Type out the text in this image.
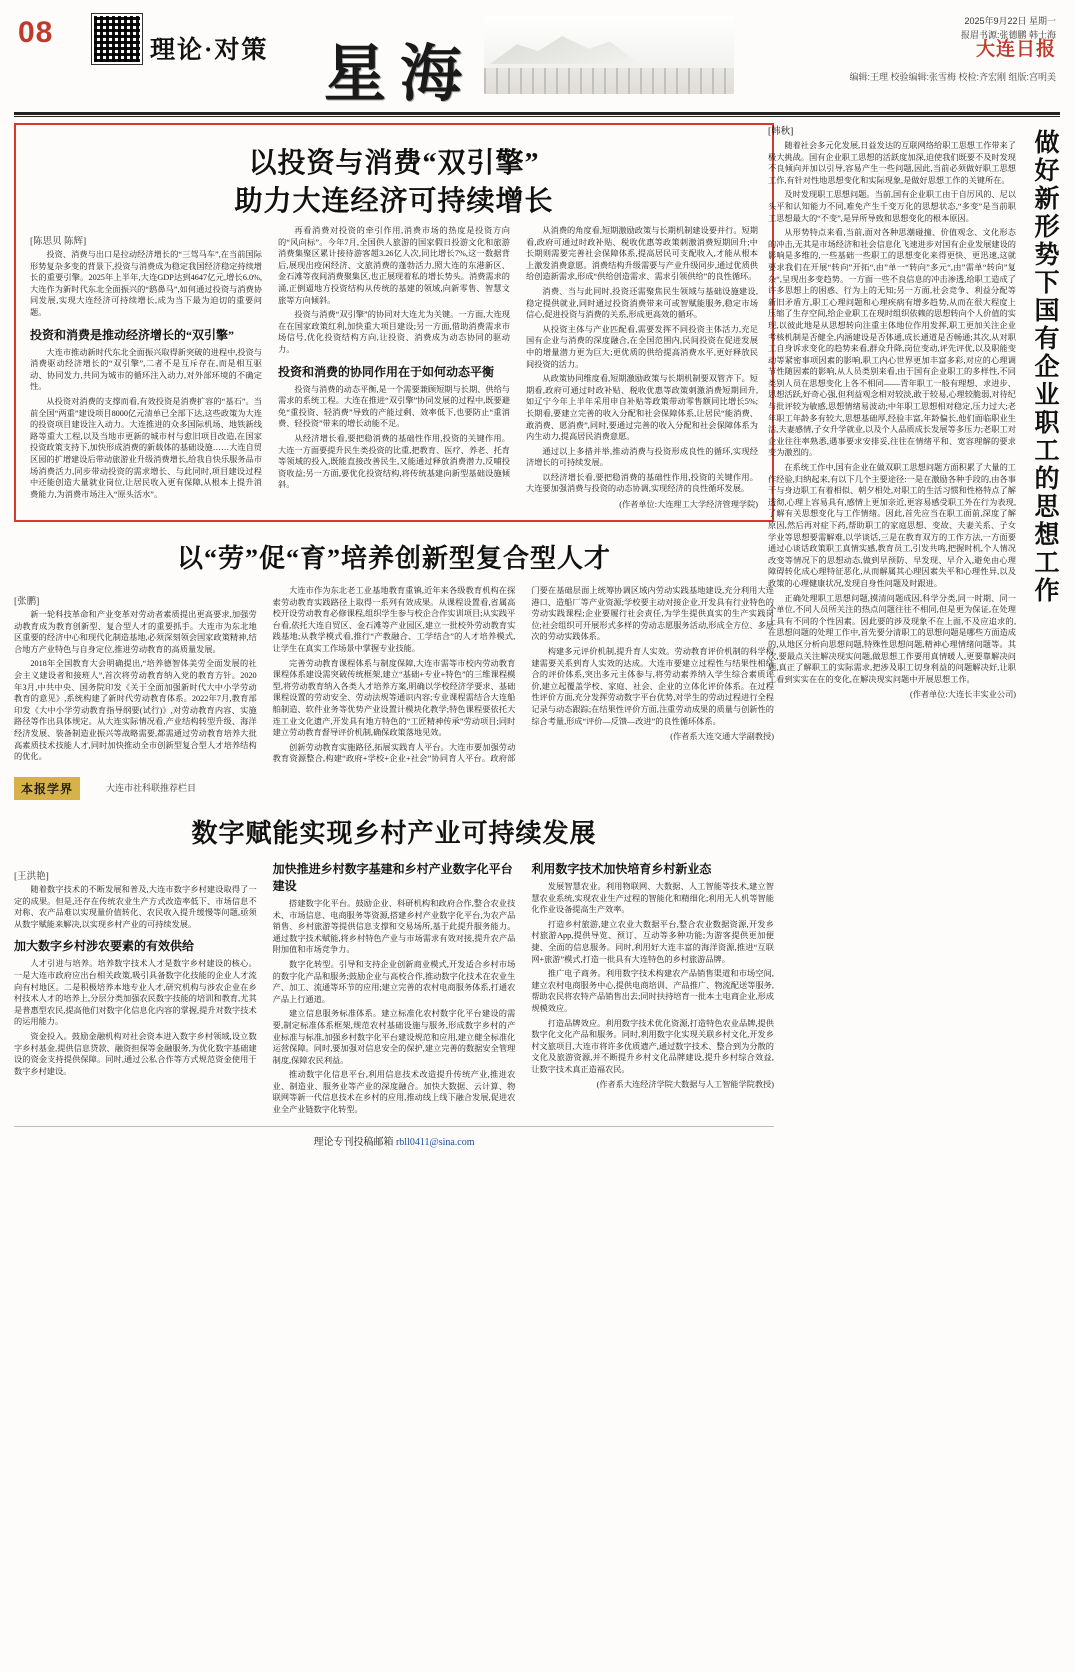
08
理论·对策 星海
2025年9月22日 星期一
报眉书源:张德鹏 韩士海
大连日报
编辑:王理 校验编辑:张雪梅 校检:齐宏刚 组版:宫明美
以投资与消费“双引擎”
助力大连经济可持续增长
[陈思贝 陈辉]

投资、消费与出口是拉动经济增长的“三驾马车”,在当前国际形势复杂多变的背景下,投资与消费成为稳定我国经济稳定持续增长的重要引擎。2025年上半年,大连GDP达到4647亿元,增长6.0%,大连作为新时代东北全面振兴的“鸱鼻马”,如何通过投资与消费协同发展,实现大连经济可持续增长,成为当下最为迫切的重要问题。

投资和消费是推动经济增长的“双引擎”

大连市推动新时代东北全面振兴取得新突破的进程中,投资与消费驱动经济增长的“双引擎”,二者不是互斥存在,而是相互驱动、协同发力,共同为城市的循环注入动力,对外部环境的不确定性。

从投资对消费的支撑而看,有效投资是消费扩容的“基石”。当前全国“两重”建设项目8000亿元清单已全部下达,这些政策为大连的投资项目建设注入动力。大连推进的众多国际机场、地铁新线路等重大工程,以及当地市更新的城市村与愈旧项目改造,在国家投资政策支持下,加快形成消费的新载体的基础设施……大连自贸区园的扩增建设后带动旅游业升级消费增长,给我自快乐服务品市场消费活力,同步带动投资的需求增长、与此同时,项目建设过程中还能创造大量就业岗位,让居民收入更有保障,从根本上提升消费能力,为消费市场注入“原头活水”。

再看消费对投资的牵引作用,消费市场的热度是投资方向的“风向标”。今年7月,全国供人旅游的国家假日投游文化和旅游消费集聚区累计接待游客超3.26亿人次,同比增长7%,这一数据背后,展现出疫闲经济、文旅消费的蓬勃活力,照大连的东港新区、金石滩等夜间消费聚集区,也正展现着私的增长势头。消费需求的涌,正倒逼地方投资结构从传统的基建的领域,向新零售、智慧文旅等方向倾斜。

投资与消费“双引擎”的协同对大连尤为关键。一方面,大连现在在国家政策红利,加快重大项目建设;另一方面,借助消费需求市场信号,优化投资结构方向,让投资、消费成为动态协同的驱动力。

投资和消费的协同作用在于如何动态平衡

投资与消费的动态平衡,是一个需要兼顾短期与长期、供给与需求的系统工程。大连在推进“双引擎”协同发展的过程中,既要避免“重投资、轻消费”导致的产能过剩、效率低下,也要防止“重消费、轻投资”带来的增长动能不足。

从经济增长看,要把稳消费的基础性作用,投资的关键作用。大连一方面要提升民生类投资的比重,把教育、医疗、养老、托育等领域的投入,既能直接改善民生,又能通过释放消费潜力,反哺投资收益;另一方面,要优化投资结构,将传统基建向新型基础设施倾斜。

从消费的角度看,短期激励政策与长期机制建设要并行。短期看,政府可通过时政补贴、税收优惠等政策刺激消费短期回升;中长期则需要完善社会保障体系,提高居民可支配收入,才能从根本上激发消费意愿。消费结构升级需要与产业升级同步,通过优质供给创造新需求,形成“供给创造需求、需求引领供给”的良性循环。

消费、当与此同时,投资还需聚焦民生领域与基础设施建设,稳定提供就业,同时通过投资消费带来可或智赋能服务,稳定市场信心,促进投资与消费的关系,形成更高效的循环。

从投资主体与产业匹配看,需要发挥不同投资主体活力,充足国有企业与消费的深度融合,在全国范围内,民间投资在促进发展中的增量潜力更为巨大;更优质的供给提高消费水平,更好释放民间投资的活力。

从政策协同维度看,短期激励政策与长期机制要双管齐下。短期看,政府可通过时政补贴、税收优惠等政策刺激消费短期回升,如辽宁今年上半年采用申自补贴等政策带动零售额同比增长5%;长期看,要建立完善的收入分配和社会保障体系,让居民“能消费、敢消费、愿消费”,同时,要通过完善的收入分配和社会保障体系为内生动力,提高居民消费意愿。

通过以上多措并举,推动消费与投资形成良性的循环,实现经济增长的可持续发展。

以经济增长看,要把稳消费的基础性作用,投资的关键作用。大连要加强消费与投资的动态协调,实现经济的良性循环发展。

(作者单位:大连理工大学经济管理学院)
以“劳”促“育”培养创新型复合型人才
[张鹏]

新一轮科技革命和产业变革对劳动者素质提出更高要求,加强劳动教育成为教育创新型、复合型人才的重要抓手。大连市为东北地区重要的经济中心和现代化制造基地,必须深刻领会国家政策精神,结合地方产业特色与自身定位,推进劳动教育的高质量发展。

2018年全国教育大会明确提出,“培养德智体美劳全面发展的社会主义建设者和接班人”,首次将劳动教育纳入党的教育方针。2020年3月,中共中央、国务院印发《关于全面加强新时代大中小学劳动教育的意见》,系统构建了新时代劳动教育体系。2022年7月,教育部印发《大中小学劳动教育指导纲要(试行)》,对劳动教育内容、实施路径等作出具体规定。从大连实际情况看,产业结构转型升级、海洋经济发展、装备制造业振兴等战略需要,都需通过劳动教育培养大批高素质技术技能人才,同时加快推动全市创新型复合型人才培养结构的优化。

大连市作为东北老工业基地教育重镇,近年来各级教育机构在探索劳动教育实践路径上取得一系列有效成果。从课程设置看,省属高校开设劳动教育必修课程,组织学生参与校企合作实训项目;从实践平台看,依托大连自贸区、金石滩等产业园区,建立一批校外劳动教育实践基地;从教学模式看,推行“产教融合、工学结合”的人才培养模式,让学生在真实工作场景中掌握专业技能。

完善劳动教育课程体系与制度保障,大连市需等市校内劳动教育课程体系建设需突破传统框架,建立“基础+专业+特色”的三维课程模型,将劳动教育纳入各类人才培养方案,明确以学校经济学要求、基础课程设置的劳动安全、劳动法规等通识内容;专业课程需结合大连船舶制造、软件业务等优势产业设置计模块化教学;特色课程要依托大连工业文化遗产,开发具有地方特色的“工匠精神传承”劳动项目;同时建立劳动教育督导评价机制,确保政策落地见效。

创新劳动教育实施路径,拓展实践育人平台。大连市要加强劳动教育资源整合,构建“政府+学校+企业+社会”协同育人平台。政府部门要在基础层面上统筹协调区域内劳动实践基地建设,充分利用大连港口、造船厂等产业资源;学校要主动对接企业,开发具有行业特色的劳动实践课程;企业要履行社会责任,为学生提供真实的生产实践岗位;社会组织可开展形式多样的劳动志愿服务活动,形成全方位、多层次的劳动实践体系。

构建多元评价机制,提升育人实效。劳动教育评价机制的科学构建需要关系到育人实效的达成。大连市要建立过程性与结果性相结合的评价体系,突出多元主体参与,将劳动素养纳入学生综合素质评价,建立起覆盖学校、家庭、社会、企业的立体化评价体系。在过程性评价方面,充分发挥劳动数字平台优势,对学生的劳动过程进行全程记录与动态跟踪;在结果性评价方面,注重劳动成果的质量与创新性的综合考量,形成“评价—反馈—改进”的良性循环体系。

(作者系大连交通大学副教授)
本报学界	大连市社科联推荐栏目
数字赋能实现乡村产业可持续发展
[王洪艳]

随着数字技术的不断发展和普及,大连市数字乡村建设取得了一定的成果。但是,还存在传统农业生产方式改造率低下、市场信息不对称、农产品难以实现量价值转化、农民收入提升缓慢等问题,亟须从数字赋能来解决,以实现乡村产业的可持续发展。

加大数字乡村涉农要素的有效供给

人才引进与培养。培养数字技术人才是数字乡村建设的核心。一是大连市政府应出台相关政策,吸引具备数字化技能的企业人才流向有村地区。二是积极培养本地专业人才,研究机构与涉农企业在乡村技术人才的培养上,分层分类加强农民数字技能的培训和教育,尤其是普惠型农民,提高他们对数字化信息化内容的掌握,提升对数字技术的运用能力。

资金投入。鼓励金融机构对社会资本进入数字乡村领域,设立数字乡村基金,提供信息贷款、融资担保等金融服务,为优化数字基础建设的资金支持提供保障。同时,通过公私合作等方式规范资金使用于数字乡村建设。

加快推进乡村数字基建和乡村产业数字化平台建设

搭建数字化平台。鼓励企业、科研机构和政府合作,整合农业技术、市场信息、电商服务等资源,搭建乡村产业数字化平台,为农产品销售、乡村旅游等提供信息支撑和交易场所,基于此提升服务能力。通过数字技术赋能,将乡村特色产业与市场需求有效对接,提升农产品附加值和市场竞争力。

数字化转型。引导和支持企业创新商业模式,开发适合乡村市场的数字化产品和服务;鼓励企业与高校合作,推动数字化技术在农业生产、加工、流通等环节的应用;建立完善的农村电商服务体系,打通农产品上行通道。

建立信息服务标准体系。建立标准化农村数字化平台建设的需要,制定标准体系框架,规范农村基础设施与服务,形成数字乡村的产业标准与标准,加强乡村数字化平台建设规范和应用,建立健全标准化运营保障。同时,要加强对信息安全的保护,建立完善的数据安全管理制度,保障农民利益。

推动数字化信息平台,利用信息技术改造提升传统产业,推进农业、制造业、服务业等产业的深度融合。加快大数据、云计算、物联网等新一代信息技术在乡村的应用,推动线上线下融合发展,促进农业全产业链数字化转型。

利用数字技术加快培育乡村新业态

发展智慧农业。利用物联网、大数据、人工智能等技术,建立智慧农业系统,实现农业生产过程的智能化和精细化;利用无人机等智能化作业设备提高生产效率。

打造乡村旅游,建立农业大数据平台,整合农业数据资源,开发乡村旅游App,提供导览、预订、互动等多种功能;为游客提供更加便捷、全面的信息服务。同时,利用好大连丰富的海洋资源,推进“互联网+旅游”模式,打造一批具有大连特色的乡村旅游品牌。

推广电子商务。利用数字技术构建农产品销售渠道和市场空间,建立农村电商服务中心,提供电商培训、产品推广、物流配送等服务,帮助农民将农特产品销售出去;同时扶持培育一批本土电商企业,形成规模效应。

打造品牌效应。利用数字技术优化资源,打造特色农业品牌,提供数字化文化产品和服务。同时,利用数字化实现关联乡村文化,开发乡村文旅项目,大连市将许多优质遗产,通过数字技术、整合到为分散的文化及旅游资源,并不断提升乡村文化品牌建设,提升乡村综合效益,让数字技术真正造福农民。

(作者系大连经济学院大数据与人工智能学院教授)
理论专刊投稿邮箱 rbll0411@sina.com
做好新形势下国有企业职工的思想工作
[韩秋]

随着社会多元化发展,日益发达的互联网络给职工思想工作带来了极大挑战。国有企业职工思想的活跃度加深,迫使我们既要不及时发现不良倾向并加以引导,容易产生一些问题,因此,当前必须做好职工思想工作,有针对性地思想变化和实际现象,是做好思想工作的关键所在。

及时发现职工思想问题。当前,国有企业职工由于自厉风的、尼以头平和认知能力不同,难免产生千变万化的思想状态,“多变”是当前职工思想最大的“不变”,是异所导致和思想变化的根本原因。

从形势特点来看,当前,面对各种思潮碰撞、价值观念、文化形态的冲击,无其是市场经济和社会信息化飞速进步对国有企业发展建设的影响是多维的,一些基础一些职工的思想变化来得更快、更迅速,这就要求我们在开展“转向”开拓“,由”单一“转向”多元“,由”需单“转向”复杂“,呈现出多变趋势。一方面一些不良信息的冲击渗透,给职工造成了许多思想上的困惑、行为上的无知;另一方面,社会竞争、利益分配等新旧矛盾方,职工心理问题和心理疾病有增多趋势,从而在很大程度上压缩了生存空间,给企业职工在现时组织依赖的思想转向个人价值的实现,以彼此地是从思想转向注重主体地位作用发挥,职工更加关注企业考核机制是否健全,内涵建设是否体通,成长通道是否畅通;其次,从对职工自身诉求变化的趋势来看,群众升降,岗位变动,评先评优,以及职能变动等紧密事项因素的影响,职工内心世界更加丰富多彩,对应的心理调节性随因素的影响,从人员类别来看,由于国有企业职工的多样性,不同类别人员在思想变化上各不相同——青年职工一般有理想、求进步、思想活跃,好奇心强,但利益观念相对较淡,敢于较易,心理较脆弱,对待纪与批评较为敏感,思想情绪易波动;中年职工思想相对稳定,压力过大;老年职工年龄多有较大,思想基础厚,经验丰富,年龄偏长,他们面临职业生活,夫妻感情,子女升学就业,以及个人品质成长发展等多压力;老职工对企业往往率熟悉,遇事要求安排妥,往往在情绪平和、宽容理解的要求变为激烈的。

在系统工作中,国有企业在做双职工思想问题方面积累了大量的工作经验,归纳起来,有以下几个主要途径:一是在激励各种手段的,由各事干与身边职工有着相似、朝夕相处,对职工的生活习惯和性格特点了解透彻,心理上容易具有,感情上更加亲近,更容易感受职工外在行为表现,了解有关思想变化与工作情绪。因此,首先应当在职工面前,深度了解原因,然后再对症下药,帮助职工的家庭思想、变故、夫妻关系、子女学业等思想要需解难,以学谈话,三是在教育双方的工作方法,一方面要通过心谈话政策职工真情实感,教育员工,引发共鸣,把握时机,个人情况改变等情况下的思想动态,做到早预防、早发现、早介入,避免由心理障碍转化成心理特征恶化,从而解属其心理因素失平和心理性异,以及政策的心理健康状况,发现自身性问题及时跟进。

正确处理职工思想问题,摸清问题成因,科学分类,同一时期、同一个单位,不同人员所关注的热点问题往往不相同,但是更为保证,在处理上具有不同的个性因素。因此要的涉及现象不在上面,不及应追求的,在思想问题的处理工作中,首先要分清职工的思想问题是哪些方面造成的,从地区分析向思想问题,特殊性思想问题,精神心理情绪问题等。其次,要最点关注解决现实问题,做思想工作要用真情暖人,更要靠解决问题,真正了解职工的实际需求,把涉及职工切身利益的问题解决好,让职工看到实实在在的变化,在解决现实问题中开展思想工作。

(作者单位:大连长丰实业公司)
